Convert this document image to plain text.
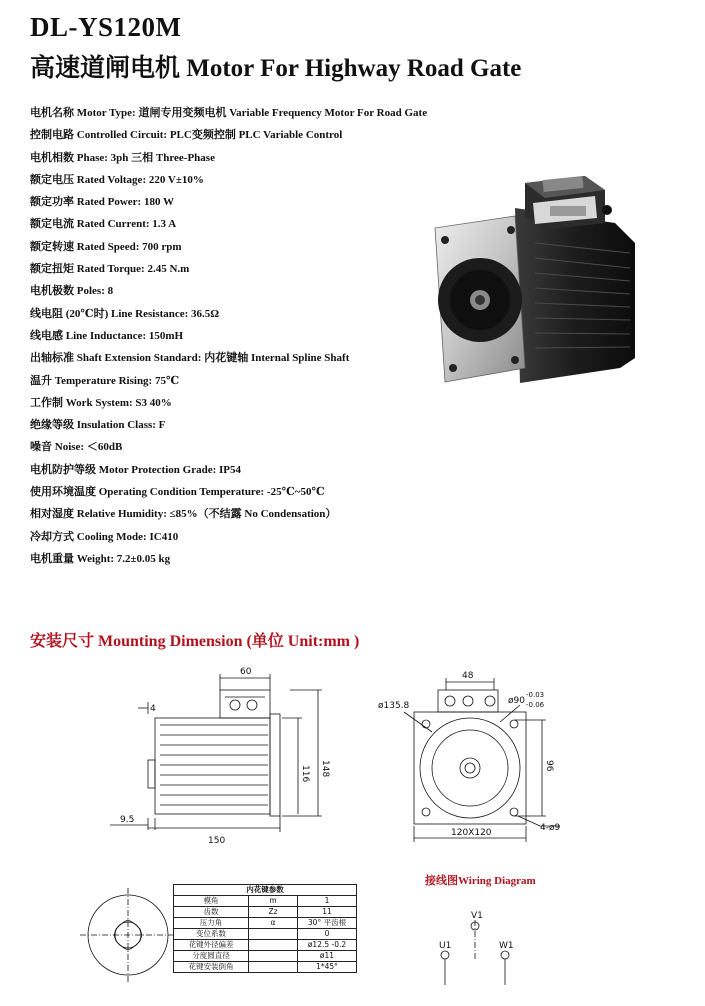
DL-YS120M
高速道闸电机 Motor For Highway Road Gate
电机名称 Motor Type: 道闸专用变频电机 Variable Frequency Motor For Road Gate
控制电路 Controlled Circuit: PLC变频控制 PLC Variable Control
电机相数 Phase: 3ph 三相 Three-Phase
额定电压 Rated Voltage: 220 V±10%
额定功率 Rated Power: 180 W
额定电流 Rated Current: 1.3 A
额定转速 Rated Speed: 700 rpm
额定扭矩 Rated Torque: 2.45 N.m
电机极数 Poles: 8
线电阻 (20℃时) Line Resistance: 36.5Ω
线电感 Line Inductance: 150mH
出轴标准 Shaft Extension Standard: 内花键轴 Internal Spline Shaft
温升 Temperature Rising: 75℃
工作制 Work System: S3 40%
绝缘等级 Insulation Class: F
噪音 Noise: ＜60dB
电机防护等级 Motor Protection Grade: IP54
使用环境温度 Operating Condition Temperature: -25℃~50℃
相对湿度 Relative Humidity: ≤85%（不结露 No Condensation）
冷却方式 Cooling Mode: IC410
电机重量 Weight: 7.2±0.05 kg
安装尺寸 Mounting Dimension (单位 Unit:mm )
60
4
148
116
9.5
150
48
ø135.8	ø90
-0.03
-0.06
96
120X120	4-ø9
V1
U1	W1
接线图Wiring Diagram
内花键参数		
模角	m	1
齿数	Zz	11
压力角	α	30° 平齿根
变位系数		0
花键外径偏差		ø12.5 -0.2
分度圆直径		ø11
花键安装倒角		1*45°
